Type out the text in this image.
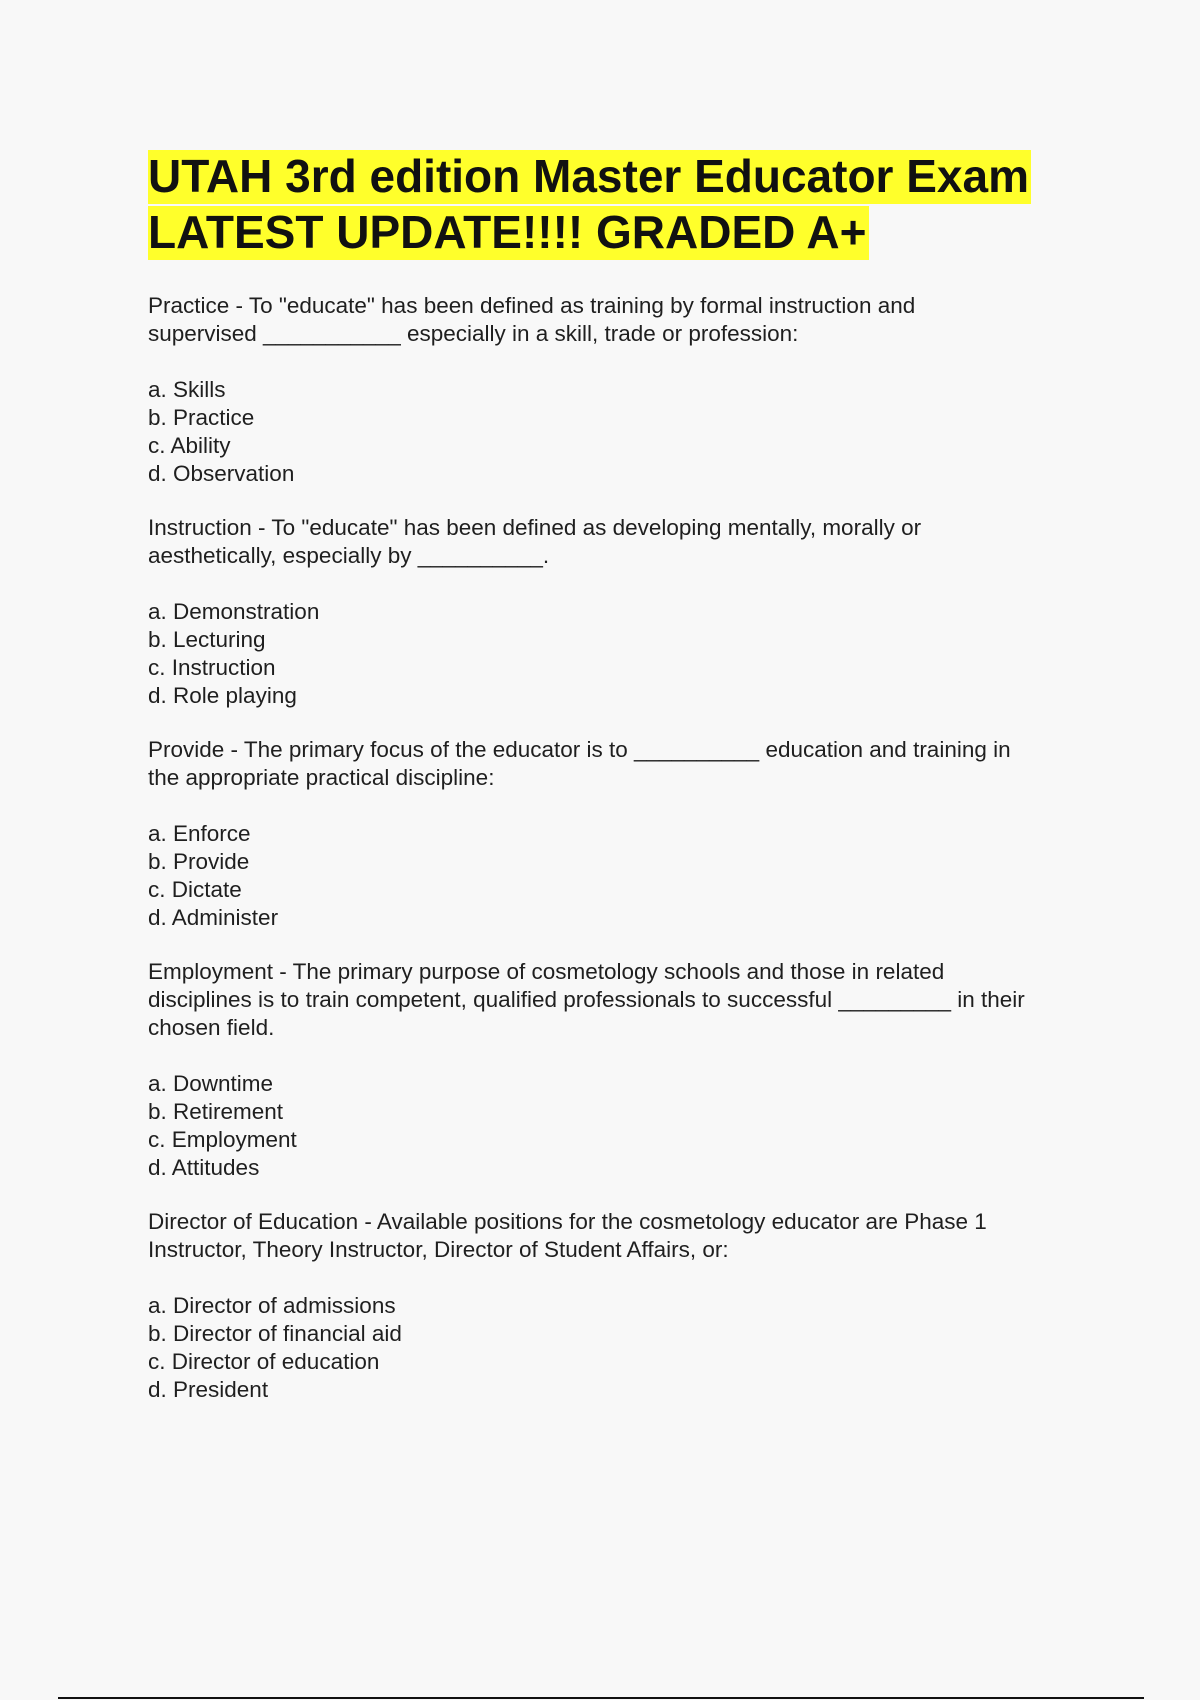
UTAH 3rd edition Master Educator Exam
LATEST UPDATE!!!! GRADED A+

Practice - To "educate" has been defined as training by formal instruction and
supervised ___________ especially in a skill, trade or profession:

a. Skills
b. Practice
c. Ability
d. Observation

Instruction - To "educate" has been defined as developing mentally, morally or
aesthetically, especially by __________.

a. Demonstration
b. Lecturing
c. Instruction
d. Role playing

Provide - The primary focus of the educator is to __________ education and training in
the appropriate practical discipline:

a. Enforce
b. Provide
c. Dictate
d. Administer

Employment - The primary purpose of cosmetology schools and those in related
disciplines is to train competent, qualified professionals to successful _________ in their
chosen field.

a. Downtime
b. Retirement
c. Employment
d. Attitudes

Director of Education - Available positions for the cosmetology educator are Phase 1
Instructor, Theory Instructor, Director of Student Affairs, or:

a. Director of admissions
b. Director of financial aid
c. Director of education
d. President
